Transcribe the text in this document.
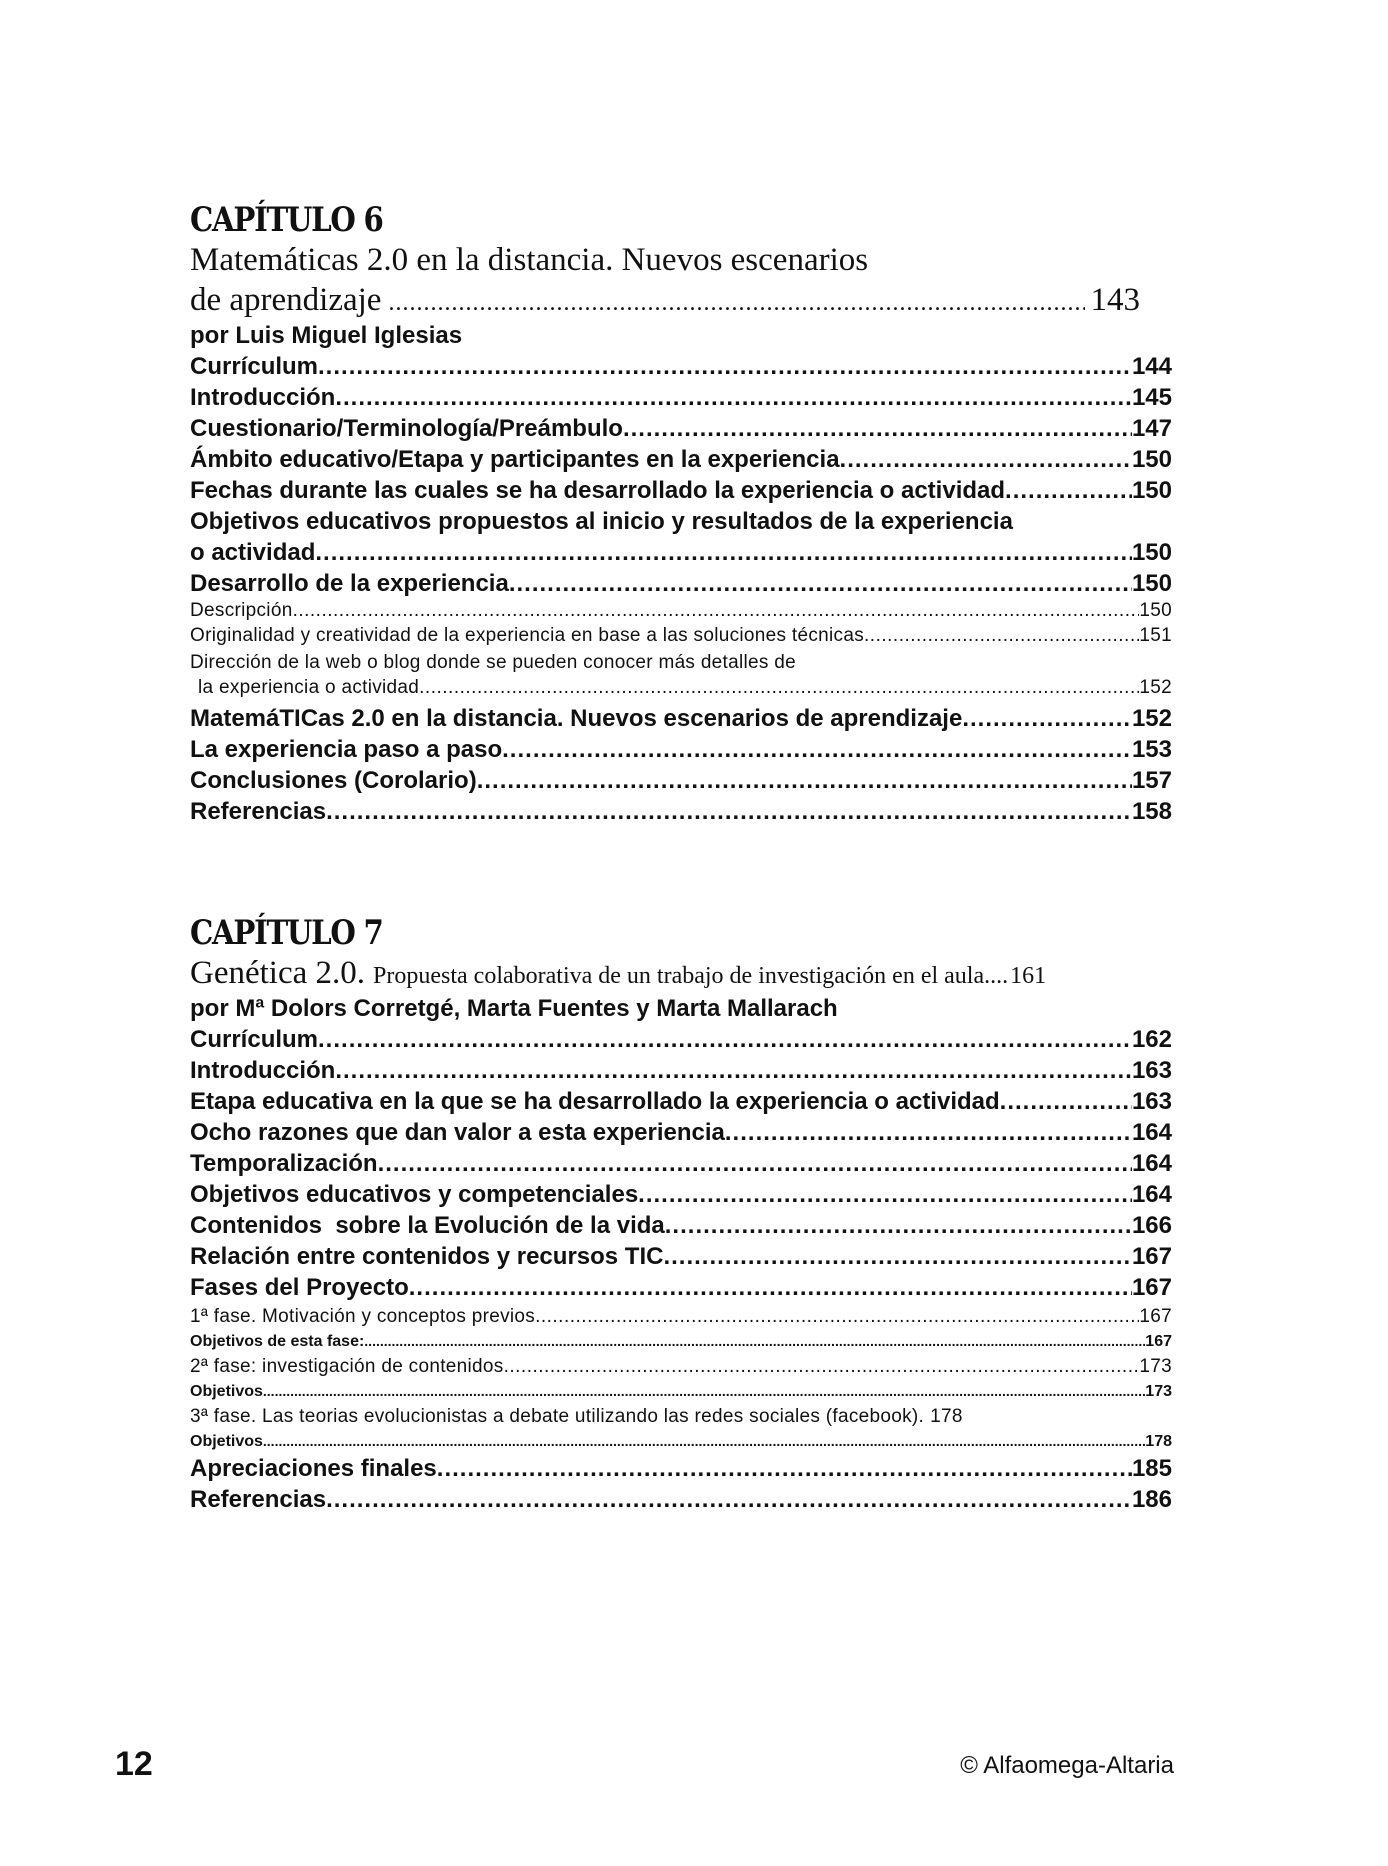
CAPÍTULO 6
Matemáticas 2.0 en la distancia. Nuevos escenarios
de aprendizaje .....	143
por Luis Miguel Iglesias
Currículum .....	144
Introducción .....	145
Cuestionario/Terminología/Preámbulo .....	147
Ámbito educativo/Etapa y participantes en la experiencia .....	150
Fechas durante las cuales se ha desarrollado la experiencia o actividad .....	150
Objetivos educativos propuestos al inicio y resultados de la experiencia
o actividad .....	150
Desarrollo de la experiencia .....	150
Descripción .....	150
Originalidad y creatividad de la experiencia en base a las soluciones técnicas .....	151
Dirección de la web o blog donde se pueden conocer más detalles de
la experiencia o actividad .....	152
MatemáTICas 2.0 en la distancia. Nuevos escenarios de aprendizaje .....	152
La experiencia paso a paso .....	153
Conclusiones (Corolario) .....	157
Referencias .....	158
CAPÍTULO 7
Genética 2.0. Propuesta colaborativa de un trabajo de investigación en el aula.... 161
por Mª Dolors Corretgé, Marta Fuentes y Marta Mallarach
Currículum .....	162
Introducción .....	163
Etapa educativa en la que se ha desarrollado la experiencia o actividad .....	163
Ocho razones que dan valor a esta experiencia .....	164
Temporalización .....	164
Objetivos educativos y competenciales .....	164
Contenidos  sobre la Evolución de la vida .....	166
Relación entre contenidos y recursos TIC .....	167
Fases del Proyecto .....	167
1ª fase. Motivación y conceptos previos .....	167
Objetivos de esta fase: .....	167
2ª fase: investigación de contenidos .....	173
Objetivos .....	173
3ª fase. Las teorias evolucionistas a debate utilizando las redes sociales (facebook). 178
Objetivos .....	178
Apreciaciones finales .....	185
Referencias .....	186
12	© Alfaomega-Altaria
